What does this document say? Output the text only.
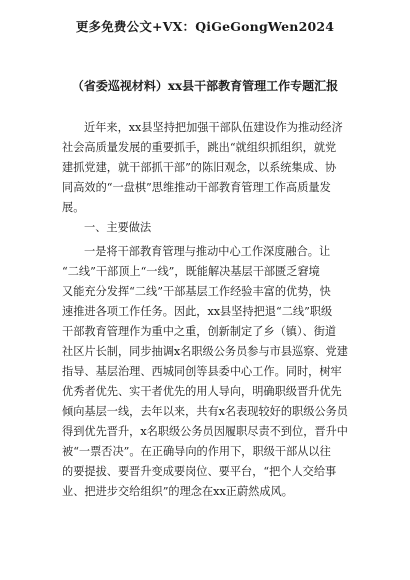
更多免费公文+VX：QiGeGongWen2024
（省委巡视材料）xx县干部教育管理工作专题汇报
近年来，xx县坚持把加强干部队伍建设作为推动经济
社会高质量发展的重要抓手，跳出“就组织抓组织，就党
建抓党建，就干部抓干部”的陈旧观念，以系统集成、协
同高效的“一盘棋”思维推动干部教育管理工作高质量发
展。
一、主要做法
一是将干部教育管理与推动中心工作深度融合。让
“二线”干部顶上“一线”，既能解决基层干部匮乏窘境
又能充分发挥“二线”干部基层工作经验丰富的优势，快
速推进各项工作任务。因此，xx县坚持把退“二线”职级
干部教育管理作为重中之重，创新制定了乡（镇）、街道
社区片长制，同步抽调x名职级公务员参与市县巡察、党建
指导、基层治理、西城同创等县委中心工作。同时，树牢
优秀者优先、实干者优先的用人导向，明确职级晋升优先
倾向基层一线，去年以来，共有x名表现较好的职级公务员
得到优先晋升，x名职级公务员因履职尽责不到位，晋升中
被“一票否决”。在正确导向的作用下，职级干部从以往
的要提拔、要晋升变成要岗位、要平台，“把个人交给事
业、把进步交给组织”的理念在xx正蔚然成风。
